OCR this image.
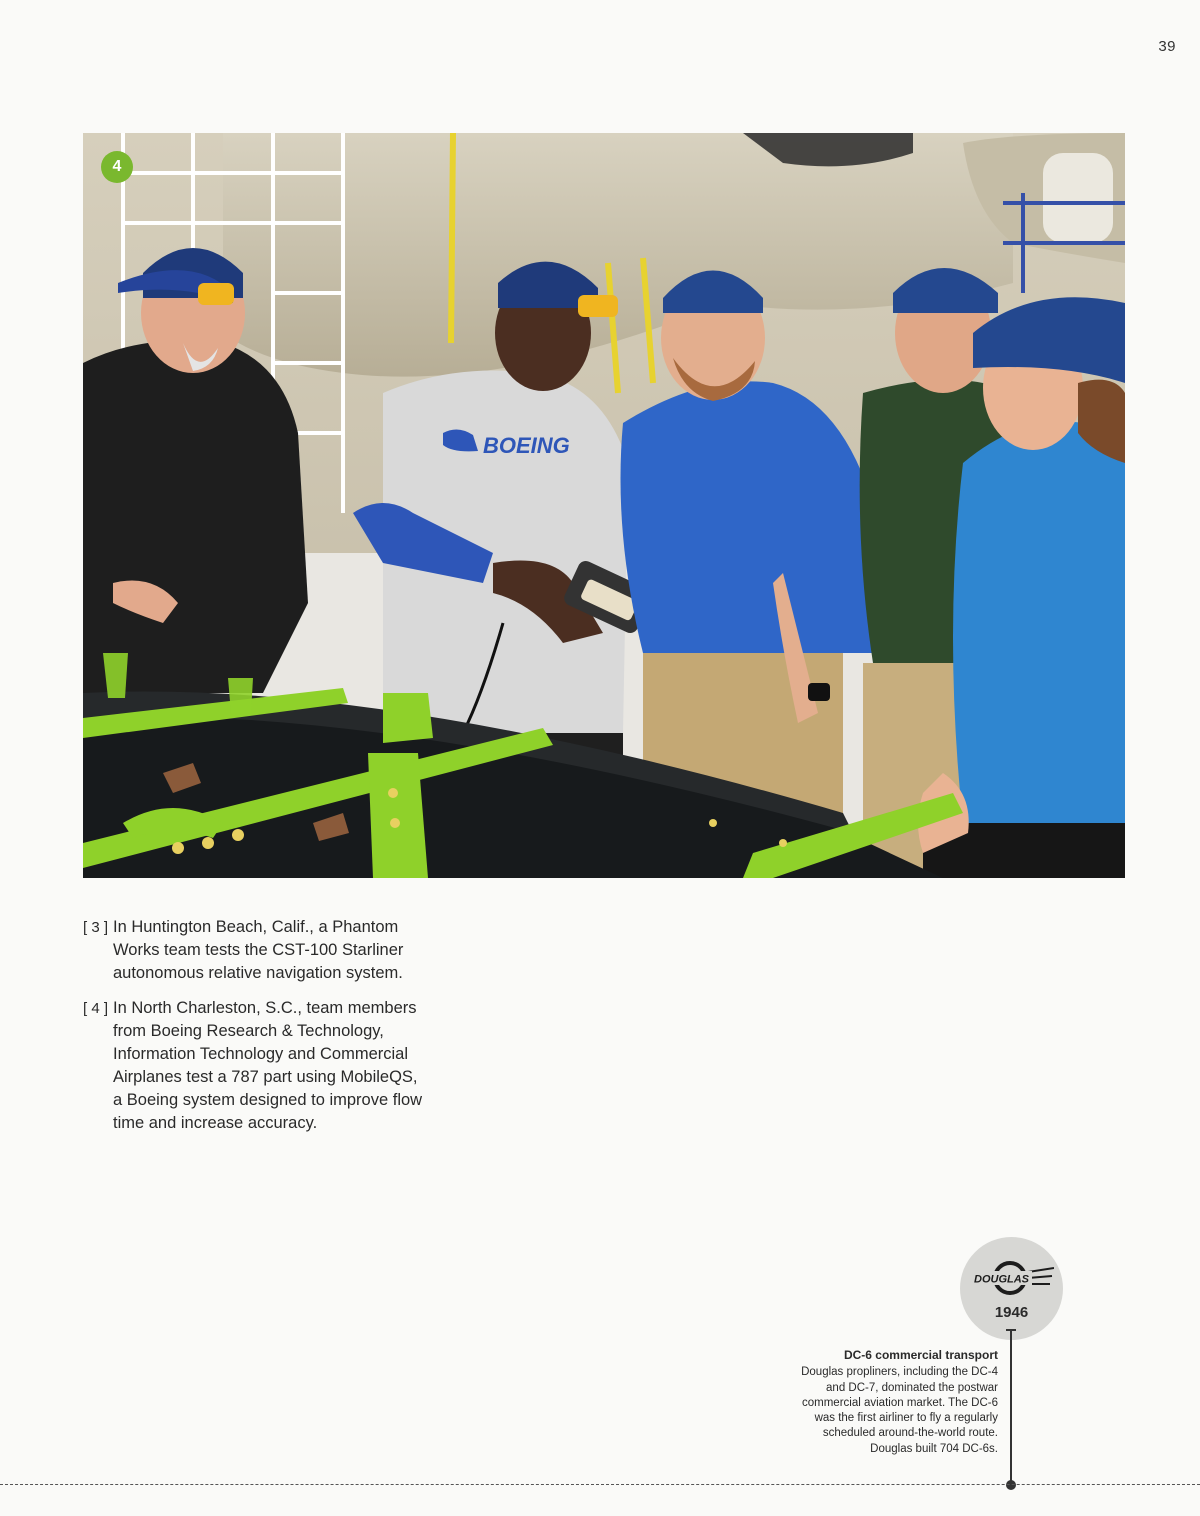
39
BOEING
4
[ 3 ] In Huntington Beach, Calif., a Phantom Works team tests the CST-100 Starliner autonomous relative navigation system.
[ 4 ] In North Charleston, S.C., team members from Boeing Research & Technology, Information Technology and Commercial Airplanes test a 787 part using MobileQS, a Boeing system designed to improve flow time and increase accuracy.
DOUGLAS
1946
DC-6 commercial transport
Douglas propliners, including the DC-4 and DC-7, dominated the postwar commercial aviation market. The DC-6 was the first airliner to fly a regularly scheduled around-the-world route. Douglas built 704 DC-6s.
